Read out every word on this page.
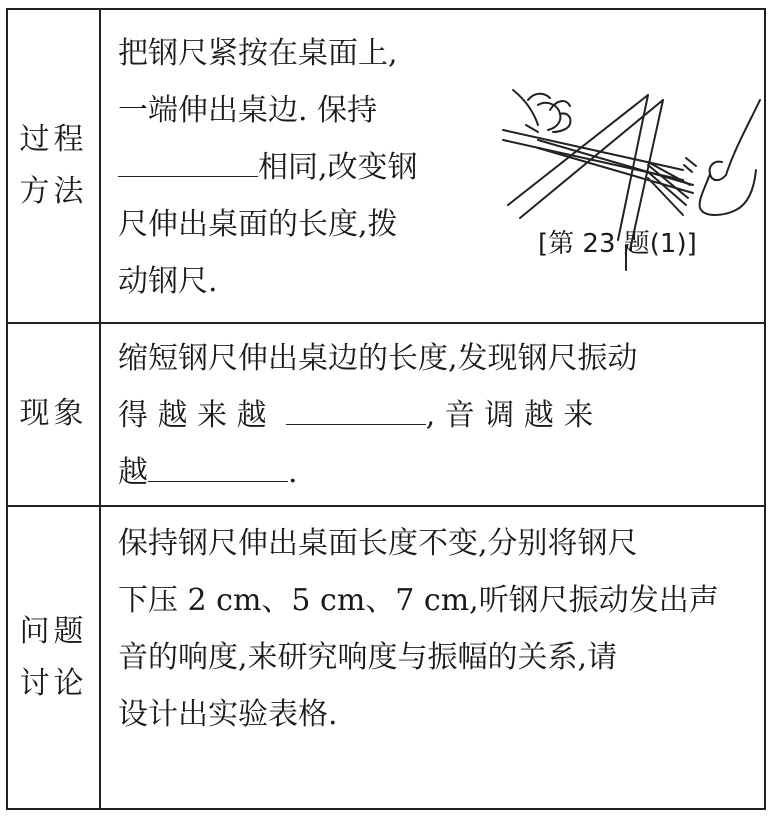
过程
方法
把钢尺紧按在桌面上,
一端伸出桌边. 保持
相同,改变钢
尺伸出桌面的长度,拨
动钢尺.
[第 23 题(1)]
现象
缩短钢尺伸出桌边的长度,发现钢尺振动
得 越 来 越	, 音 调 越 来
越	.
问题
讨论
保持钢尺伸出桌面长度不变,分别将钢尺
下压 2 cm、5 cm、7 cm,听钢尺振动发出声
音的响度,来研究响度与振幅的关系,请
设计出实验表格.
